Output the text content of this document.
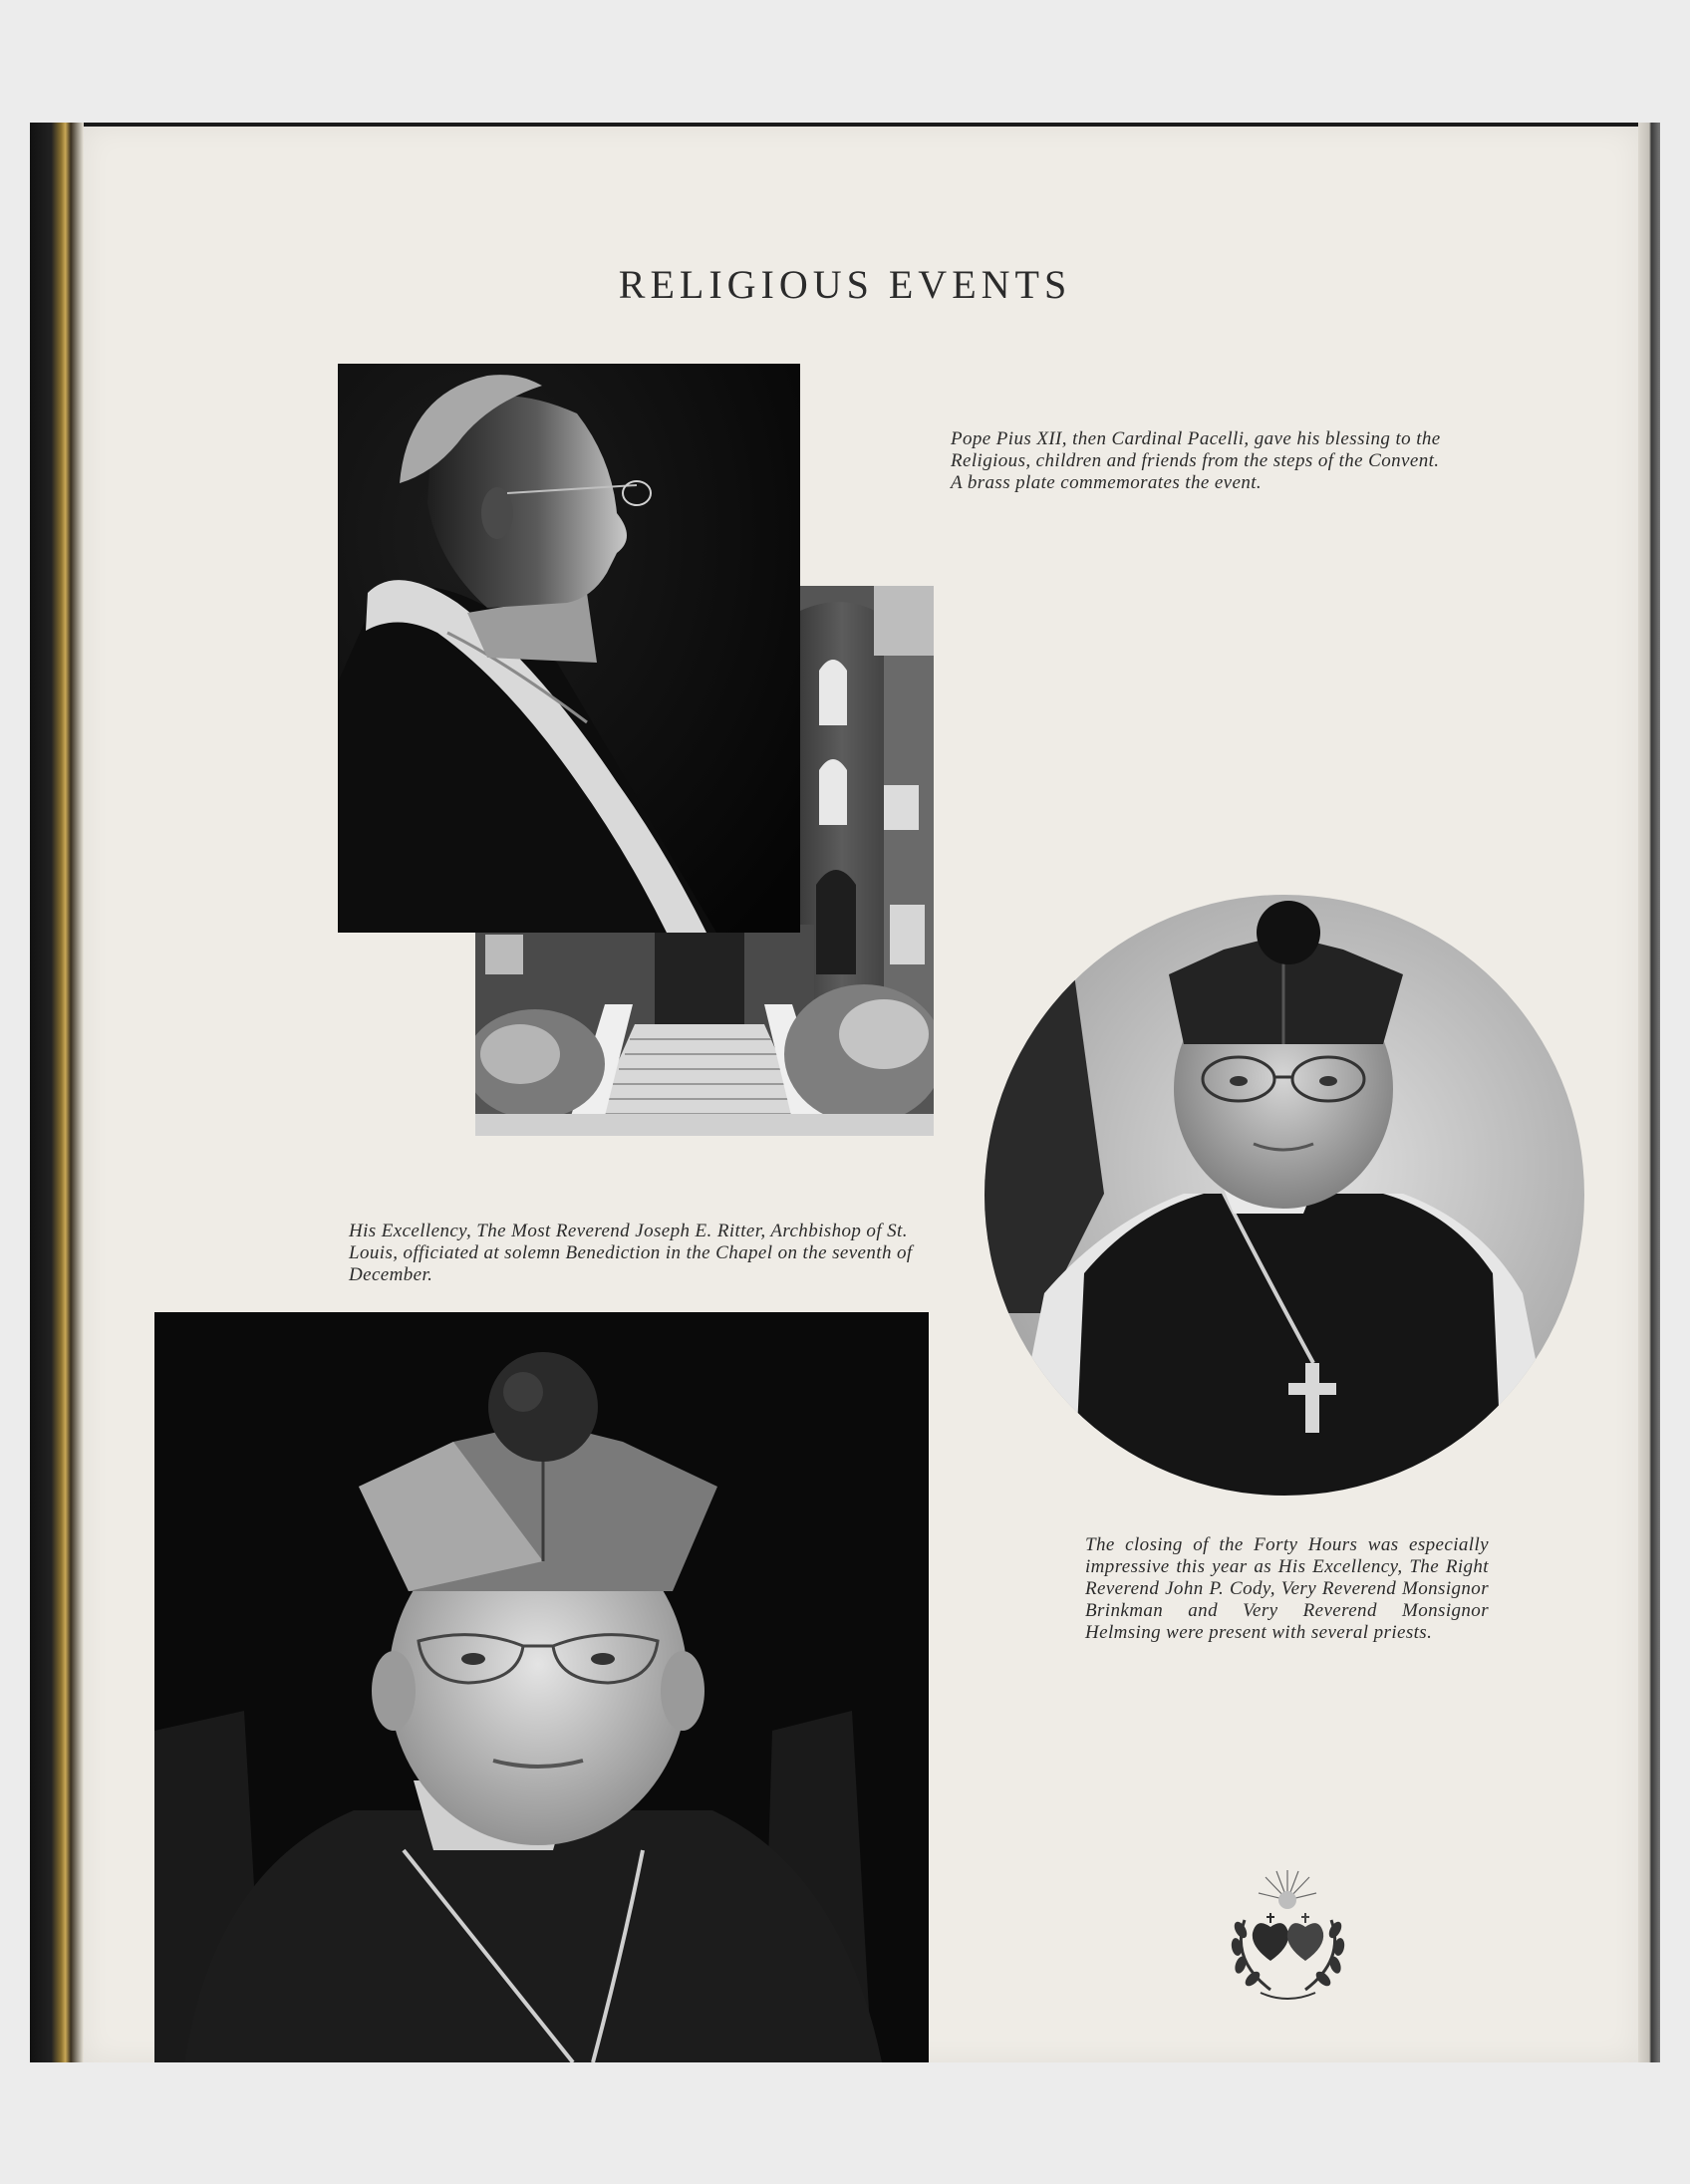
RELIGIOUS EVENTS

Pope Pius XII, then Cardinal Pacelli, gave his blessing to the Religious, children and friends from the steps of the Convent. A brass plate commemorates the event.

His Excellency, The Most Reverend Joseph E. Ritter, Archbishop of St. Louis, officiated at solemn Benediction in the Chapel on the seventh of December.

The closing of the Forty Hours was especially impressive this year as His Excellency, The Right Reverend John P. Cody, Very Reverend Monsignor Brinkman and Very Reverend Monsignor Helmsing were present with several priests.
